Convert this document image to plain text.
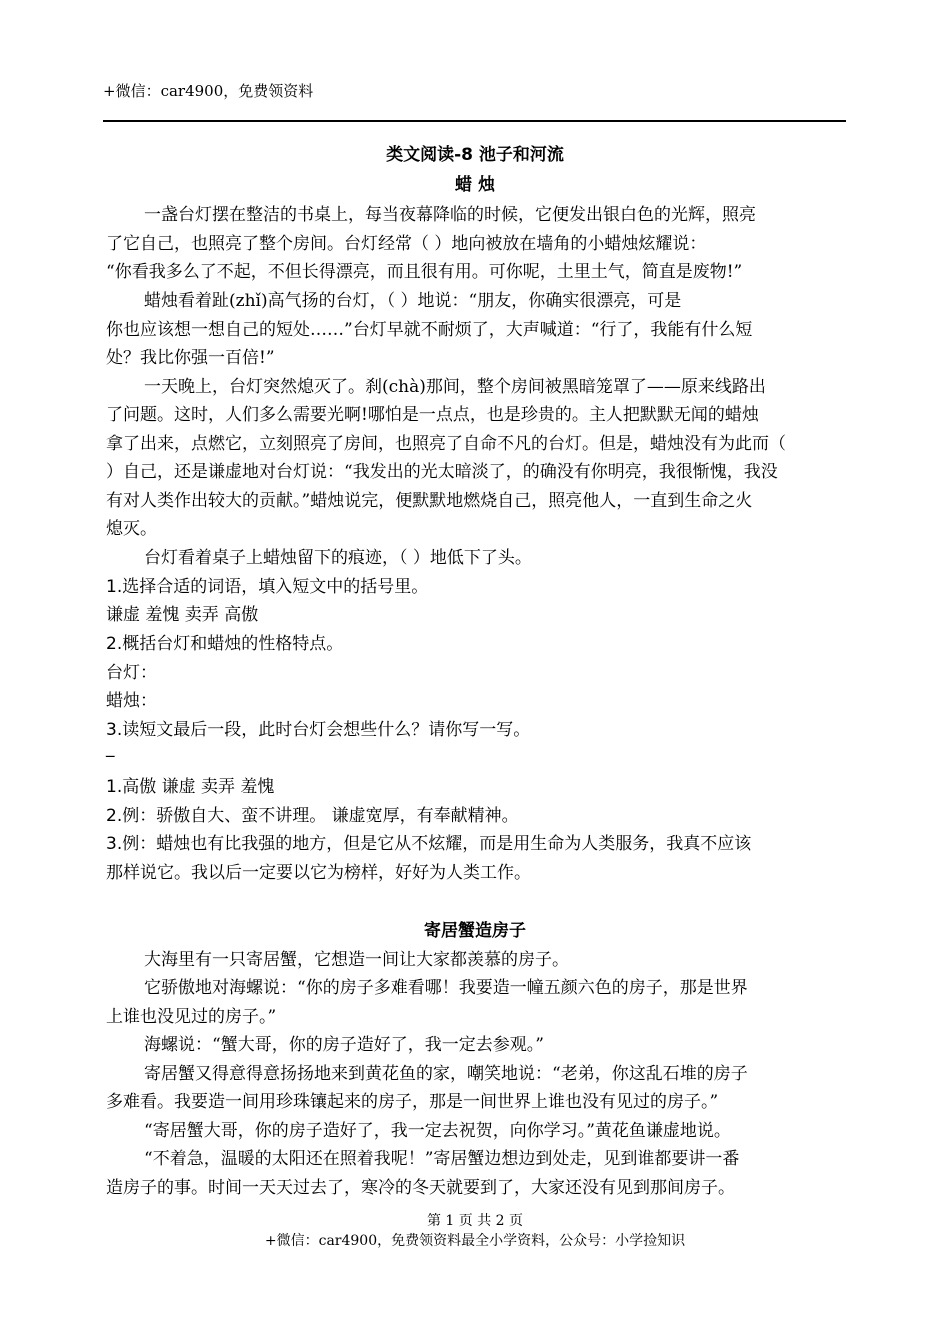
+微信：car4900，免费领资料
类文阅读-8 池子和河流
蜡 烛
一盏台灯摆在整洁的书桌上，每当夜幕降临的时候，它便发出银白色的光辉，照亮
了它自己，也照亮了整个房间。台灯经常（ ）地向被放在墙角的小蜡烛炫耀说：
“你看我多么了不起，不但长得漂亮，而且很有用。可你呢，土里土气，简直是废物!”
蜡烛看着趾(zhǐ)高气扬的台灯，（ ）地说：“朋友，你确实很漂亮，可是
你也应该想一想自己的短处……”台灯早就不耐烦了，大声喊道：“行了，我能有什么短
处？我比你强一百倍!”
一天晚上，台灯突然熄灭了。刹(chà)那间，整个房间被黑暗笼罩了——原来线路出
了问题。这时，人们多么需要光啊!哪怕是一点点，也是珍贵的。主人把默默无闻的蜡烛
拿了出来，点燃它，立刻照亮了房间，也照亮了自命不凡的台灯。但是，蜡烛没有为此而（
）自己，还是谦虚地对台灯说：“我发出的光太暗淡了，的确没有你明亮，我很惭愧，我没
有对人类作出较大的贡献。”蜡烛说完，便默默地燃烧自己，照亮他人，一直到生命之火
熄灭。
台灯看着桌子上蜡烛留下的痕迹，（ ）地低下了头。
1.选择合适的词语，填入短文中的括号里。
谦虚 羞愧 卖弄 高傲
2.概括台灯和蜡烛的性格特点。
台灯：
蜡烛：
3.读短文最后一段，此时台灯会想些什么？请你写一写。
_
1.高傲 谦虚 卖弄 羞愧
2.例：骄傲自大、蛮不讲理。 谦虚宽厚，有奉献精神。
3.例：蜡烛也有比我强的地方，但是它从不炫耀，而是用生命为人类服务，我真不应该
那样说它。我以后一定要以它为榜样，好好为人类工作。
寄居蟹造房子
大海里有一只寄居蟹，它想造一间让大家都羡慕的房子。
它骄傲地对海螺说：“你的房子多难看哪！我要造一幢五颜六色的房子，那是世界
上谁也没见过的房子。”
海螺说：“蟹大哥，你的房子造好了，我一定去参观。”
寄居蟹又得意得意扬扬地来到黄花鱼的家，嘲笑地说：“老弟，你这乱石堆的房子
多难看。我要造一间用珍珠镶起来的房子，那是一间世界上谁也没有见过的房子。”
“寄居蟹大哥，你的房子造好了，我一定去祝贺，向你学习。”黄花鱼谦虚地说。
“不着急，温暖的太阳还在照着我呢！”寄居蟹边想边到处走，见到谁都要讲一番
造房子的事。时间一天天过去了，寒冷的冬天就要到了，大家还没有见到那间房子。
第 1 页 共 2 页
+微信：car4900，免费领资料最全小学资料，公众号：小学捡知识
